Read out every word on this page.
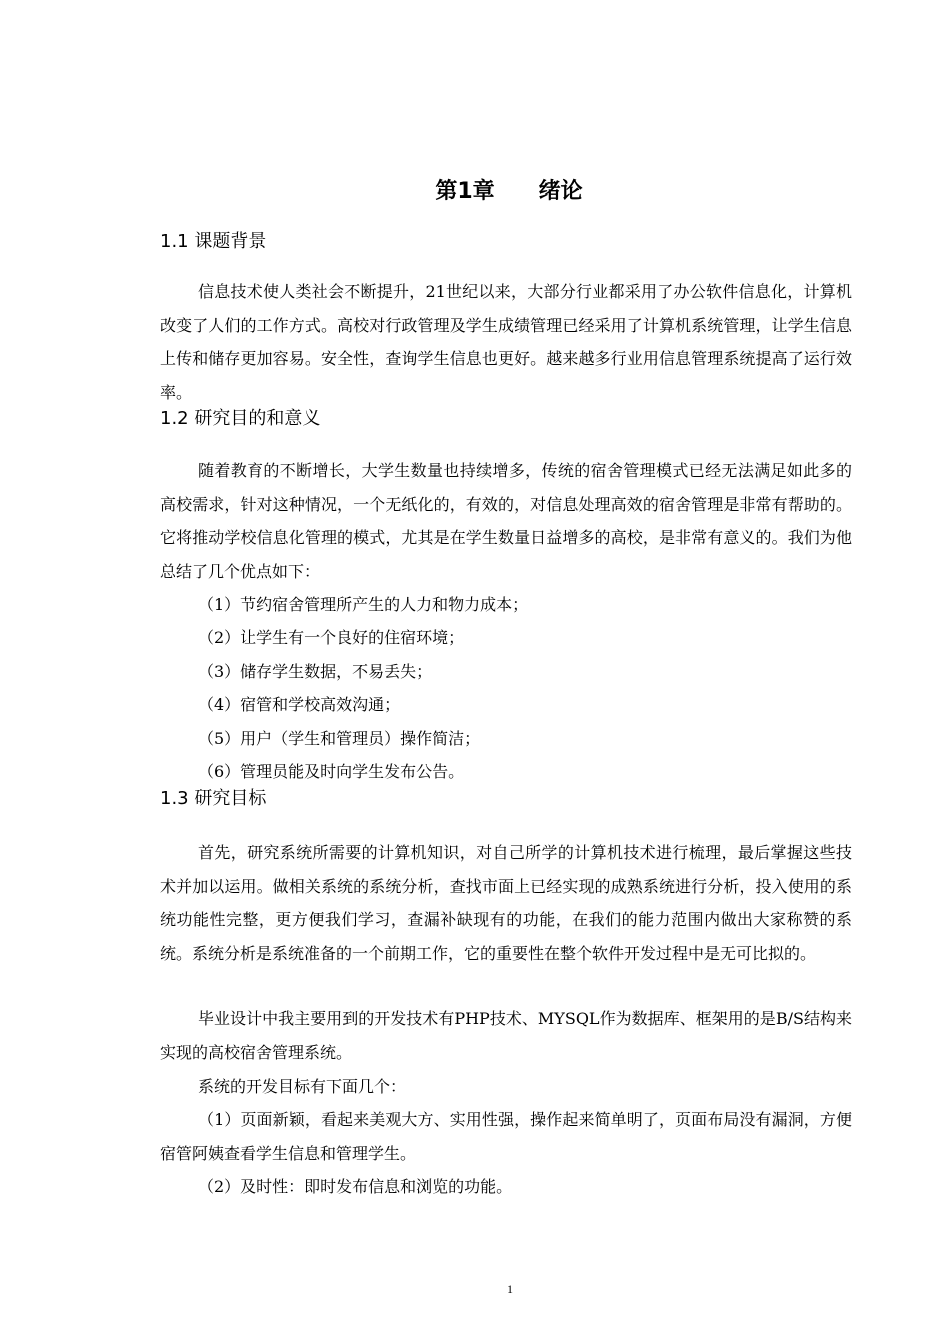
第1章　　绪论
1.1 课题背景
信息技术使人类社会不断提升，21世纪以来，大部分行业都采用了办公软件信息化，计算机改变了人们的工作方式。高校对行政管理及学生成绩管理已经采用了计算机系统管理，让学生信息上传和储存更加容易。安全性，查询学生信息也更好。越来越多行业用信息管理系统提高了运行效率。
1.2 研究目的和意义
随着教育的不断增长，大学生数量也持续增多，传统的宿舍管理模式已经无法满足如此多的高校需求，针对这种情况，一个无纸化的，有效的，对信息处理高效的宿舍管理是非常有帮助的。它将推动学校信息化管理的模式，尤其是在学生数量日益增多的高校，是非常有意义的。我们为他总结了几个优点如下：
（1）节约宿舍管理所产生的人力和物力成本；
（2）让学生有一个良好的住宿环境；
（3）储存学生数据，不易丢失；
（4）宿管和学校高效沟通；
（5）用户（学生和管理员）操作简洁；
（6）管理员能及时向学生发布公告。
1.3 研究目标
首先，研究系统所需要的计算机知识，对自己所学的计算机技术进行梳理，最后掌握这些技术并加以运用。做相关系统的系统分析，查找市面上已经实现的成熟系统进行分析，投入使用的系统功能性完整，更方便我们学习，查漏补缺现有的功能，在我们的能力范围内做出大家称赞的系统。系统分析是系统准备的一个前期工作，它的重要性在整个软件开发过程中是无可比拟的。
毕业设计中我主要用到的开发技术有PHP技术、MYSQL作为数据库、框架用的是B/S结构来实现的高校宿舍管理系统。
系统的开发目标有下面几个：
（1）页面新颖，看起来美观大方、实用性强，操作起来简单明了，页面布局没有漏洞，方便宿管阿姨查看学生信息和管理学生。
（2）及时性：即时发布信息和浏览的功能。
1
